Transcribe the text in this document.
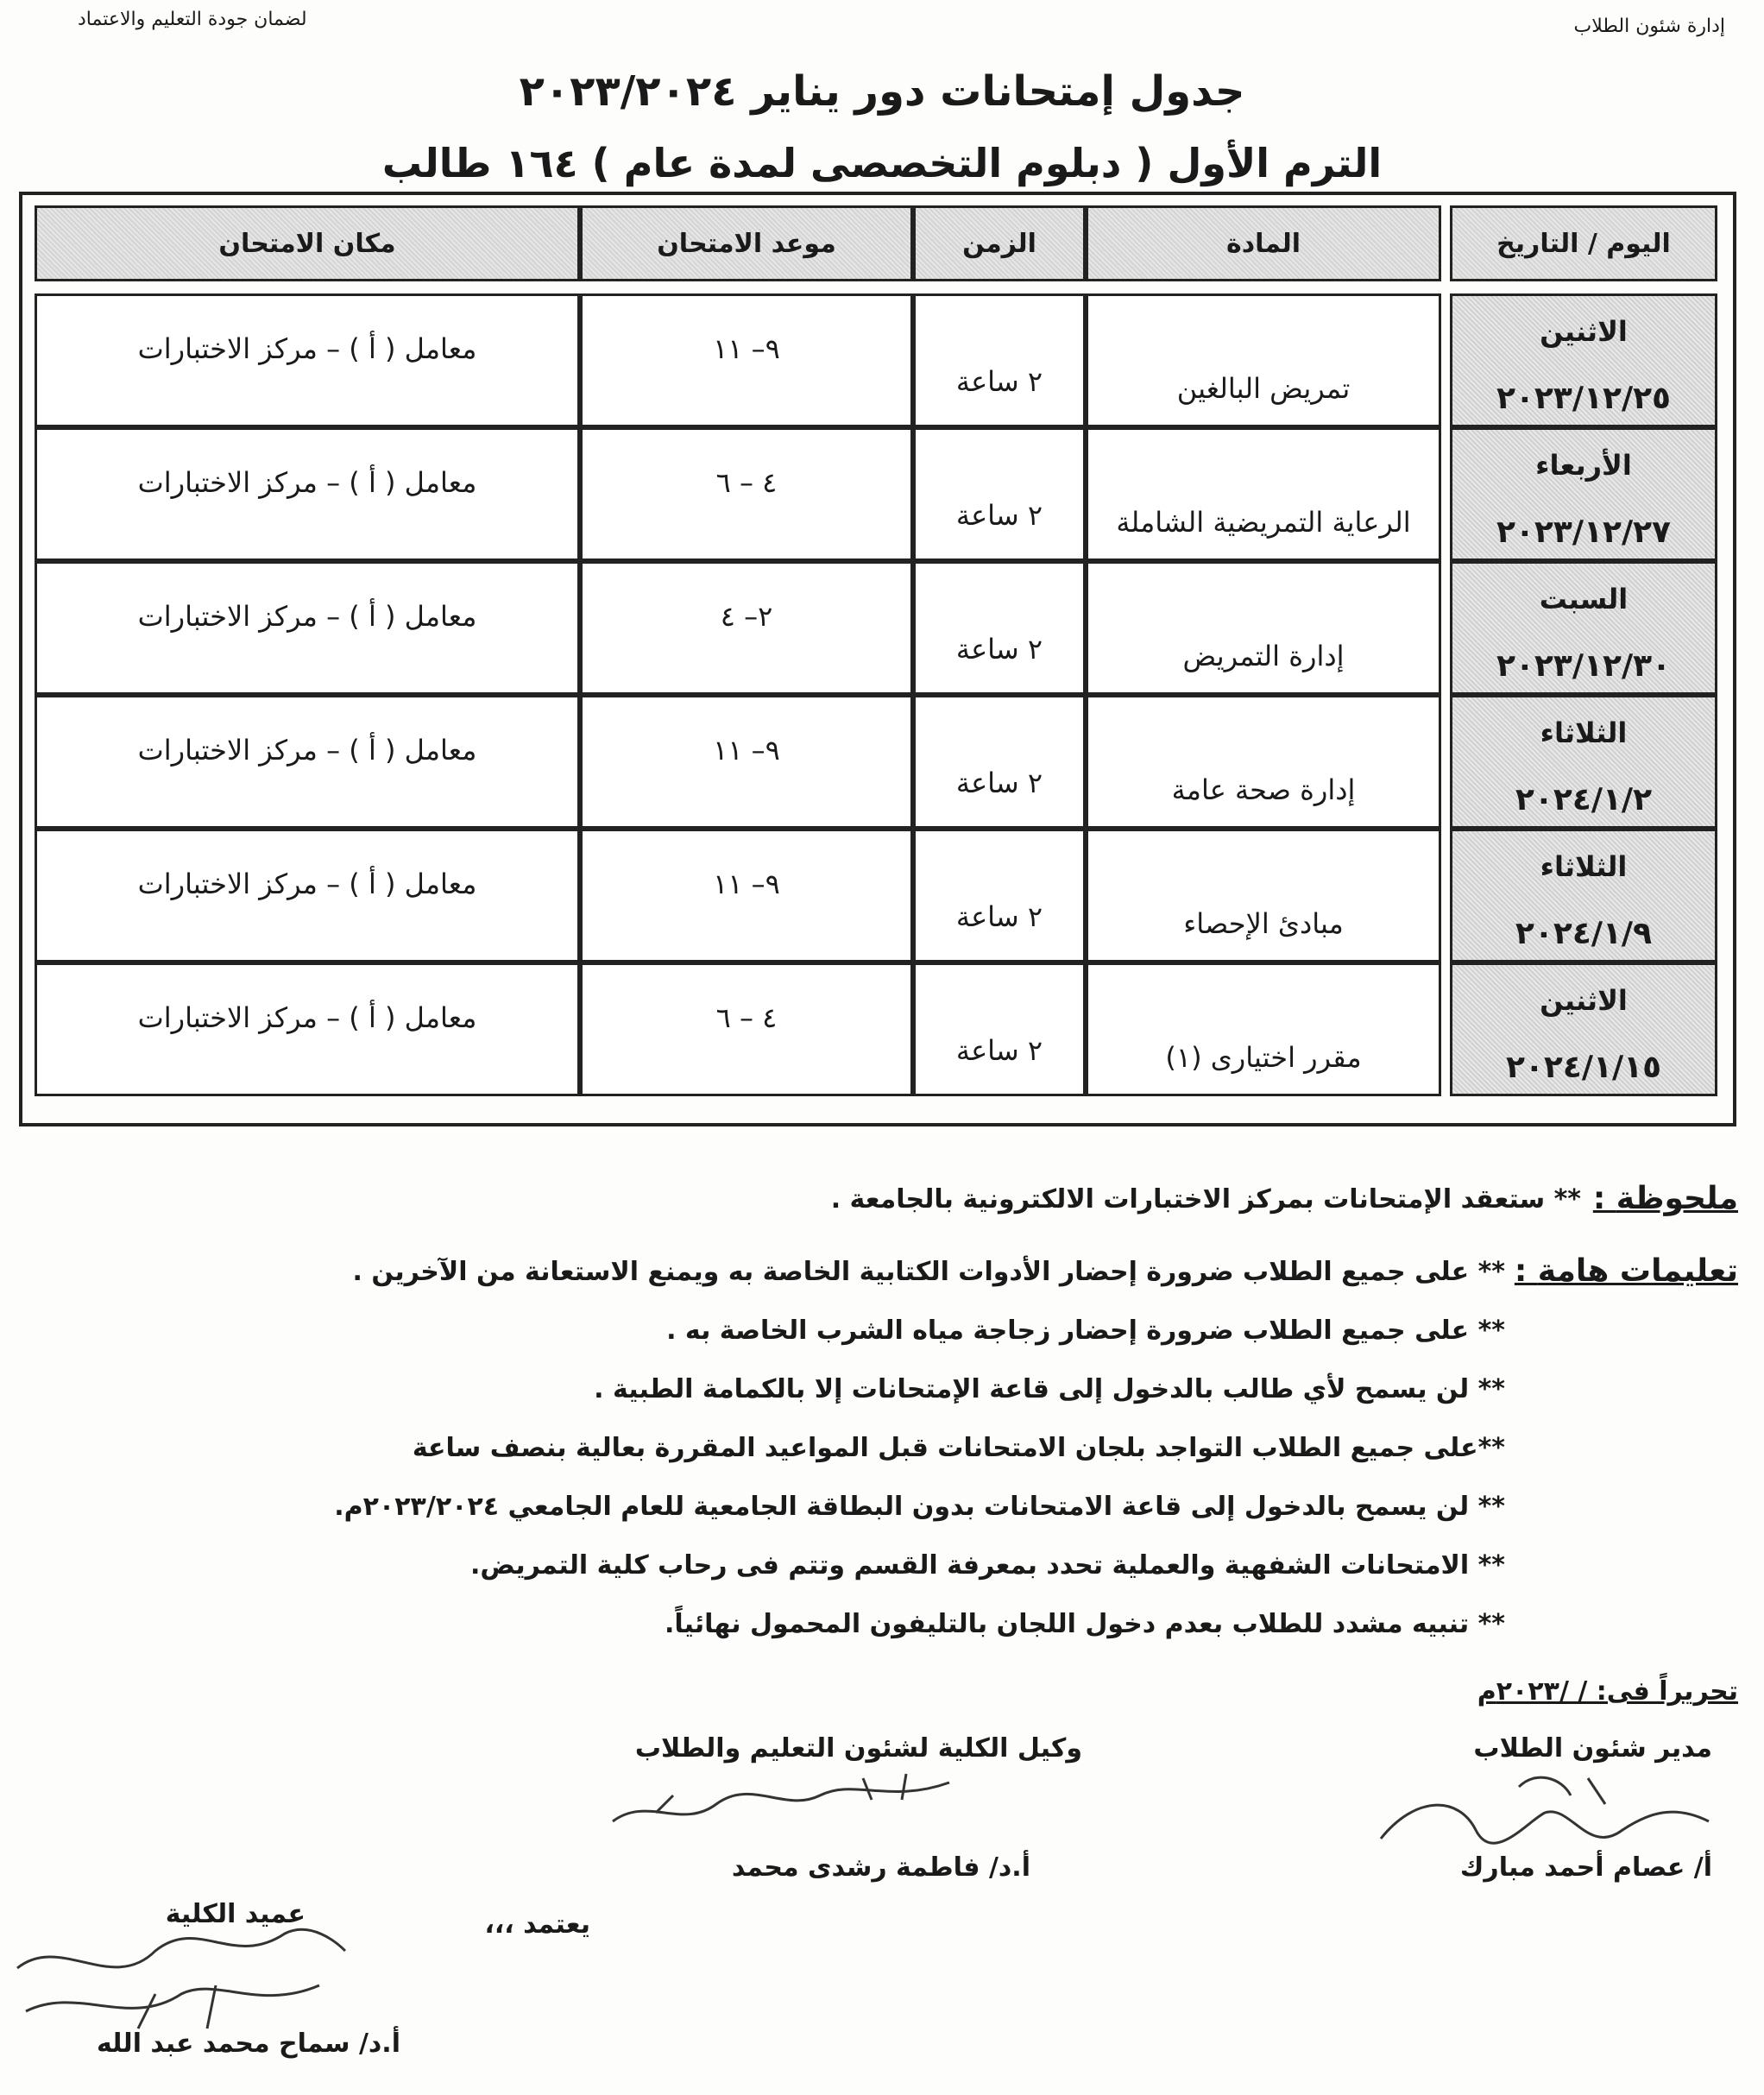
لضمان جودة التعليم والاعتماد	إدارة شئون الطلاب
جدول إمتحانات دور يناير ٢٠٢٣/٢٠٢٤
الترم الأول ( دبلوم التخصصى لمدة عام ) ١٦٤ طالب
اليوم / التاريخ
المادة
الزمن
موعد الامتحان
مكان الامتحان
الاثنين
٢٠٢٣/١٢/٢٥
تمريض البالغين
٢ ساعة
٩– ١١
معامل ( أ ) – مركز الاختبارات
الأربعاء
٢٠٢٣/١٢/٢٧
الرعاية التمريضية الشاملة
٢ ساعة
٤ – ٦
معامل ( أ ) – مركز الاختبارات
السبت
٢٠٢٣/١٢/٣٠
إدارة التمريض
٢ ساعة
٢– ٤
معامل ( أ ) – مركز الاختبارات
الثلاثاء
٢٠٢٤/١/٢
إدارة صحة عامة
٢ ساعة
٩– ١١
معامل ( أ ) – مركز الاختبارات
الثلاثاء
٢٠٢٤/١/٩
مبادئ الإحصاء
٢ ساعة
٩– ١١
معامل ( أ ) – مركز الاختبارات
الاثنين
٢٠٢٤/١/١٥
مقرر اختيارى (١)
٢ ساعة
٤ – ٦
معامل ( أ ) – مركز الاختبارات
ملحوظة :
** ستعقد الإمتحانات بمركز الاختبارات الالكترونية بالجامعة .
تعليمات هامة :
** على جميع الطلاب ضرورة إحضار الأدوات الكتابية الخاصة به ويمنع الاستعانة من الآخرين .
** على جميع الطلاب ضرورة إحضار زجاجة مياه الشرب الخاصة به .
** لن يسمح لأي طالب بالدخول إلى قاعة الإمتحانات إلا بالكمامة الطبية .
**على جميع الطلاب التواجد بلجان الامتحانات قبل المواعيد المقررة بعالية بنصف ساعة
** لن يسمح بالدخول إلى قاعة الامتحانات بدون البطاقة الجامعية للعام الجامعي ٢٠٢٣/٢٠٢٤م.
** الامتحانات الشفهية والعملية تحدد بمعرفة القسم وتتم فى رحاب كلية التمريض.
** تنبيه مشدد للطلاب بعدم دخول اللجان بالتليفون المحمول نهائياً.
تحريراً فى: / /٢٠٢٣م
مدير شئون الطلاب
أ/ عصام أحمد مبارك
وكيل الكلية لشئون التعليم والطلاب
أ.د/ فاطمة رشدى محمد
يعتمد ،،،
عميد الكلية
أ.د/ سماح محمد عبد الله
